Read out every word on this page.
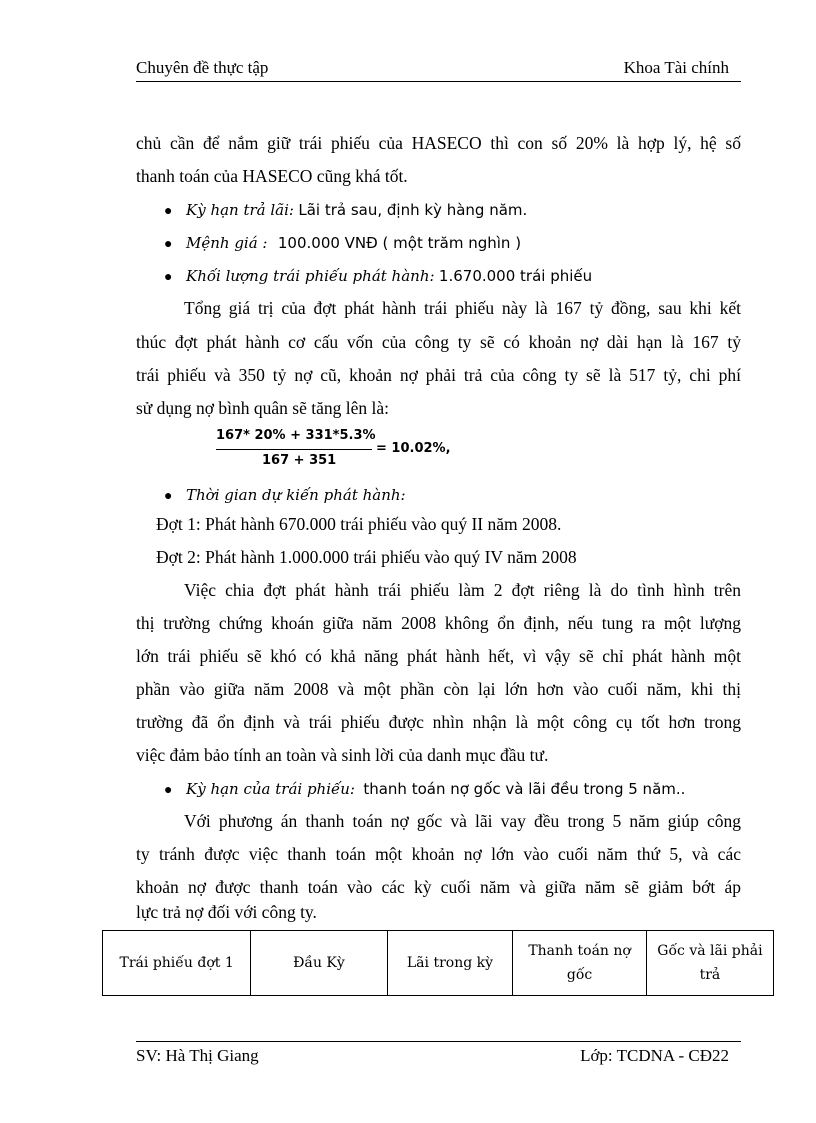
Chuyên đề thực tập	Khoa Tài chính
chủ cần để nắm giữ trái phiếu của HASECO thì con số 20% là hợp lý, hệ số
thanh toán của HASECO cũng khá tốt.
● Kỳ hạn trả lãi: Lãi trả sau, định kỳ hàng năm.
● Mệnh giá : 100.000 VNĐ ( một trăm nghìn )
● Khối lượng trái phiếu phát hành: 1.670.000 trái phiếu
Tổng giá trị của đợt phát hành trái phiếu này là 167 tỷ đồng, sau khi kết
thúc đợt phát hành cơ cấu vốn của công ty sẽ có khoản nợ dài hạn là 167 tỷ
trái phiếu và 350 tỷ nợ cũ, khoản nợ phải trả của công ty sẽ là 517 tỷ, chi phí
sử dụng nợ bình quân sẽ tăng lên là:
167* 20% + 331*5.3%
167 + 351
= 10.02%,
● Thời gian dự kiến phát hành:
Đợt 1: Phát hành 670.000 trái phiếu vào quý II năm 2008.
Đợt 2: Phát hành 1.000.000 trái phiếu vào quý IV năm 2008
Việc chia đợt phát hành trái phiếu làm 2 đợt riêng là do tình hình trên
thị trường chứng khoán giữa năm 2008 không ổn định, nếu tung ra một lượng
lớn trái phiếu sẽ khó có khả năng phát hành hết, vì vậy sẽ chỉ phát hành một
phần vào giữa năm 2008 và một phần còn lại lớn hơn vào cuối năm, khi thị
trường đã ổn định và trái phiếu được nhìn nhận là một công cụ tốt hơn trong
việc đảm bảo tính an toàn và sinh lời của danh mục đầu tư.
● Kỳ hạn của trái phiếu: thanh toán nợ gốc và lãi đều trong 5 năm..
Với phương án thanh toán nợ gốc và lãi vay đều trong 5 năm giúp công
ty tránh được việc thanh toán một khoản nợ lớn vào cuối năm thứ 5, và các
khoản nợ được thanh toán vào các kỳ cuối năm và giữa năm sẽ giảm bớt áp
lực trả nợ đối với công ty.
Trái phiếu đợt 1	Đầu Kỳ	Lãi trong kỳ	Thanh toán nợ gốc	Gốc và lãi phải trả
SV: Hà Thị Giang	Lớp: TCDNA - CĐ22
